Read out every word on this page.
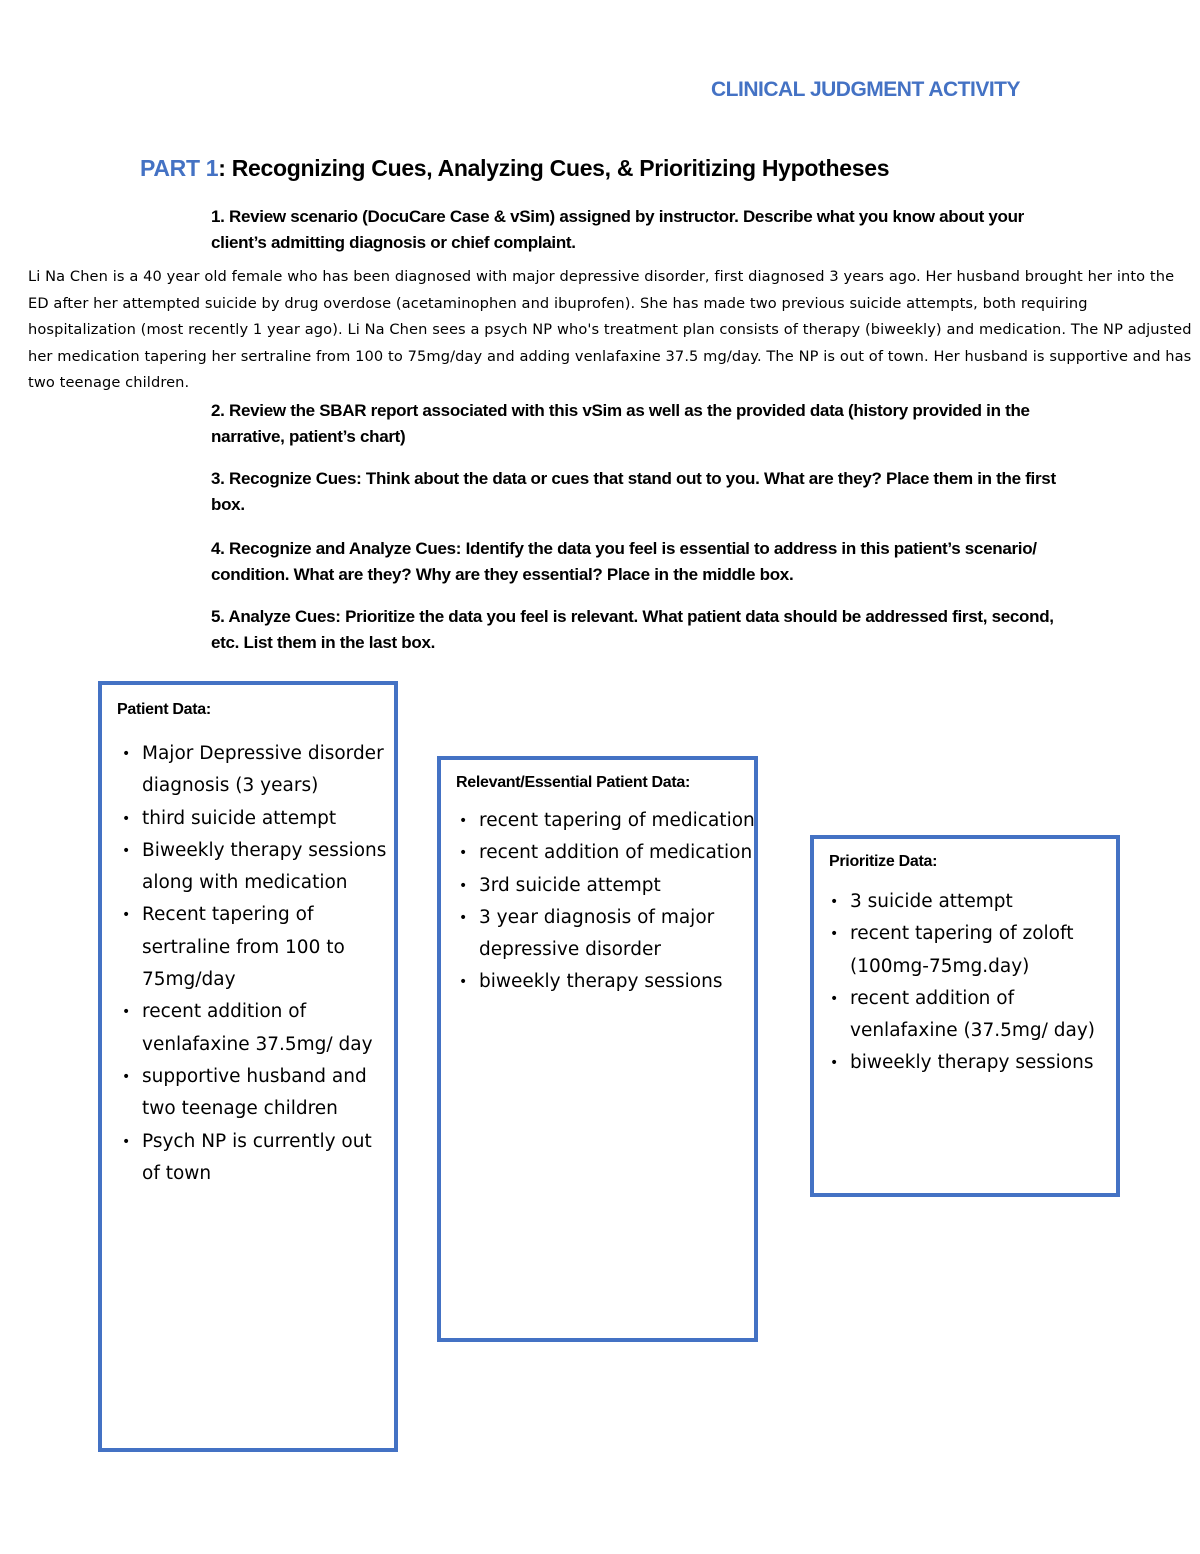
CLINICAL JUDGMENT ACTIVITY
PART 1: Recognizing Cues, Analyzing Cues, & Prioritizing Hypotheses

1. Review scenario (DocuCare Case & vSim) assigned by instructor. Describe what you know about your client’s admitting diagnosis or chief complaint.

Li Na Chen is a 40 year old female who has been diagnosed with major depressive disorder, first diagnosed 3 years ago. Her husband brought her into the ED after her attempted suicide by drug overdose (acetaminophen and ibuprofen). She has made two previous suicide attempts, both requiring hospitalization (most recently 1 year ago). Li Na Chen sees a psych NP who's treatment plan consists of therapy (biweekly) and medication. The NP adjusted her medication tapering her sertraline from 100 to 75mg/day and adding venlafaxine 37.5 mg/day. The NP is out of town. Her husband is supportive and has two teenage children.

2. Review the SBAR report associated with this vSim as well as the provided data (history provided in the narrative, patient’s chart)

3. Recognize Cues: Think about the data or cues that stand out to you. What are they? Place them in the first box.

4. Recognize and Analyze Cues: Identify the data you feel is essential to address in this patient’s scenario/ condition. What are they? Why are they essential? Place in the middle box.

5. Analyze Cues: Prioritize the data you feel is relevant. What patient data should be addressed first, second, etc. List them in the last box.

Patient Data:

• Major Depressive disorder diagnosis (3 years)
• third suicide attempt
• Biweekly therapy sessions along with medication
• Recent tapering of sertraline from 100 to 75mg/day
• recent addition of venlafaxine 37.5mg/ day
• supportive husband and two teenage children
• Psych NP is currently out of town

Relevant/Essential Patient Data:

• recent tapering of medication
• recent addition of medication
• 3rd suicide attempt
• 3 year diagnosis of major depressive disorder
• biweekly therapy sessions

Prioritize Data:

• 3 suicide attempt
• recent tapering of zoloft (100mg-75mg.day)
• recent addition of venlafaxine (37.5mg/ day)
• biweekly therapy sessions
